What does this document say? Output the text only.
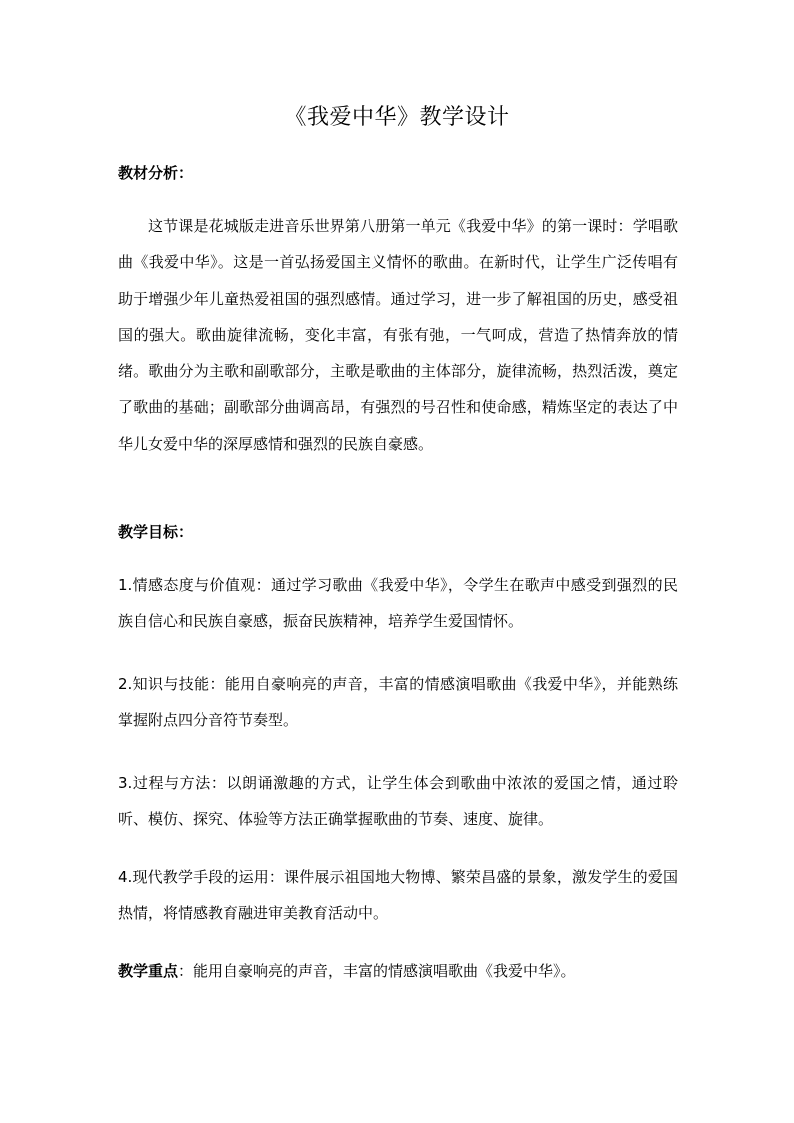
《我爱中华》教学设计
教材分析：

这节课是花城版走进音乐世界第八册第一单元《我爱中华》的第一课时：学唱歌曲《我爱中华》。这是一首弘扬爱国主义情怀的歌曲。在新时代，让学生广泛传唱有助于增强少年儿童热爱祖国的强烈感情。通过学习，进一步了解祖国的历史，感受祖国的强大。歌曲旋律流畅，变化丰富，有张有弛，一气呵成，营造了热情奔放的情绪。歌曲分为主歌和副歌部分，主歌是歌曲的主体部分，旋律流畅，热烈活泼，奠定了歌曲的基础；副歌部分曲调高昂，有强烈的号召性和使命感，精炼坚定的表达了中华儿女爱中华的深厚感情和强烈的民族自豪感。

教学目标：

1.情感态度与价值观：通过学习歌曲《我爱中华》，令学生在歌声中感受到强烈的民族自信心和民族自豪感，振奋民族精神，培养学生爱国情怀。

2.知识与技能：能用自豪响亮的声音，丰富的情感演唱歌曲《我爱中华》，并能熟练掌握附点四分音符节奏型。

3.过程与方法：以朗诵激趣的方式，让学生体会到歌曲中浓浓的爱国之情，通过聆听、模仿、探究、体验等方法正确掌握歌曲的节奏、速度、旋律。

4.现代教学手段的运用：课件展示祖国地大物博、繁荣昌盛的景象，激发学生的爱国热情，将情感教育融进审美教育活动中。

教学重点：能用自豪响亮的声音，丰富的情感演唱歌曲《我爱中华》。
